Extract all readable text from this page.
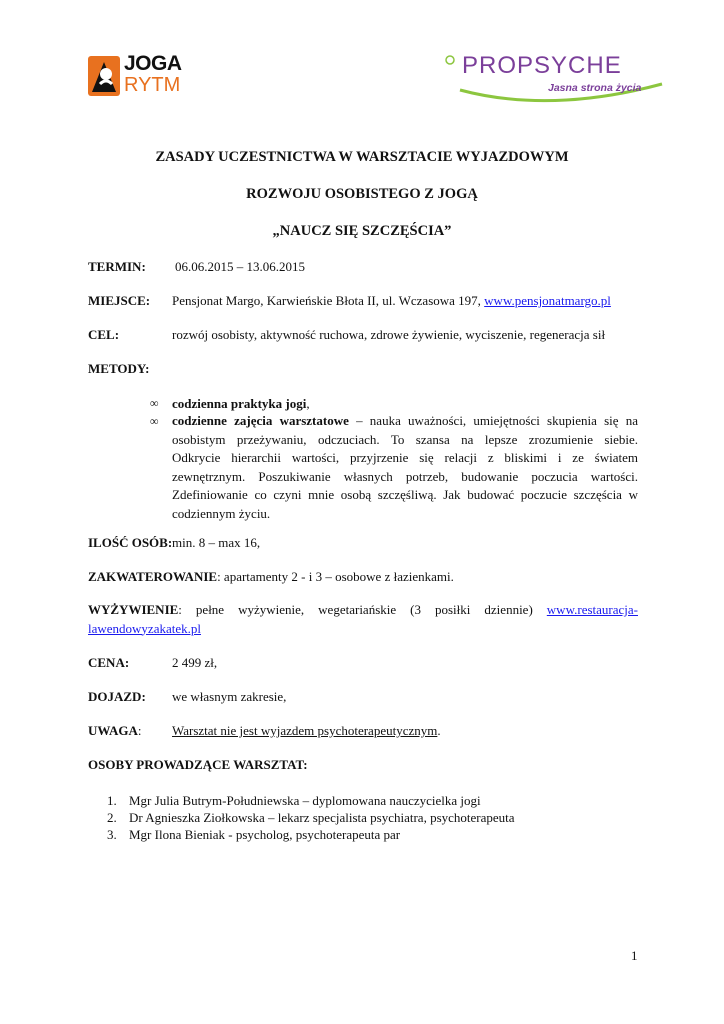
JOGA
RYTM
PROPSYCHE
Jasna strona życia
ZASADY UCZESTNICTWA W WARSZTACIE WYJAZDOWYM
ROZWOJU OSOBISTEGO Z JOGĄ
„NAUCZ SIĘ SZCZĘŚCIA”
TERMIN: 06.06.2015 – 13.06.2015
MIEJSCE: Pensjonat Margo, Karwieńskie Błota II, ul. Wczasowa 197, www.pensjonatmargo.pl
CEL:	rozwój osobisty, aktywność ruchowa, zdrowe żywienie, wyciszenie, regeneracja sił
METODY:
∞ codzienna praktyka jogi,
∞ codzienne zajęcia warsztatowe – nauka uważności, umiejętności skupienia się na
osobistym przeżywaniu, odczuciach. To szansa na lepsze zrozumienie siebie.
Odkrycie hierarchii wartości, przyjrzenie się relacji z bliskimi i ze światem
zewnętrznym. Poszukiwanie własnych potrzeb, budowanie poczucia wartości.
Zdefiniowanie co czyni mnie osobą szczęśliwą. Jak budować poczucie szczęścia w
codziennym życiu.
ILOŚĆ OSÓB: min. 8 – max 16,
ZAKWATEROWANIE: apartamenty 2 - i 3 – osobowe z łazienkami.
WYŻYWIENIE: pełne wyżywienie, wegetariańskie (3 posiłki dziennie) www.restauracja-
lawendowyzakatek.pl
CENA:	2 499 zł,
DOJAZD: we własnym zakresie,
UWAGA: Warsztat nie jest wyjazdem psychoterapeutycznym.
OSOBY PROWADZĄCE WARSZTAT:
1. Mgr Julia Butrym-Południewska – dyplomowana nauczycielka jogi
2. Dr Agnieszka Ziołkowska – lekarz specjalista psychiatra, psychoterapeuta
3. Mgr Ilona Bieniak - psycholog, psychoterapeuta par
1
